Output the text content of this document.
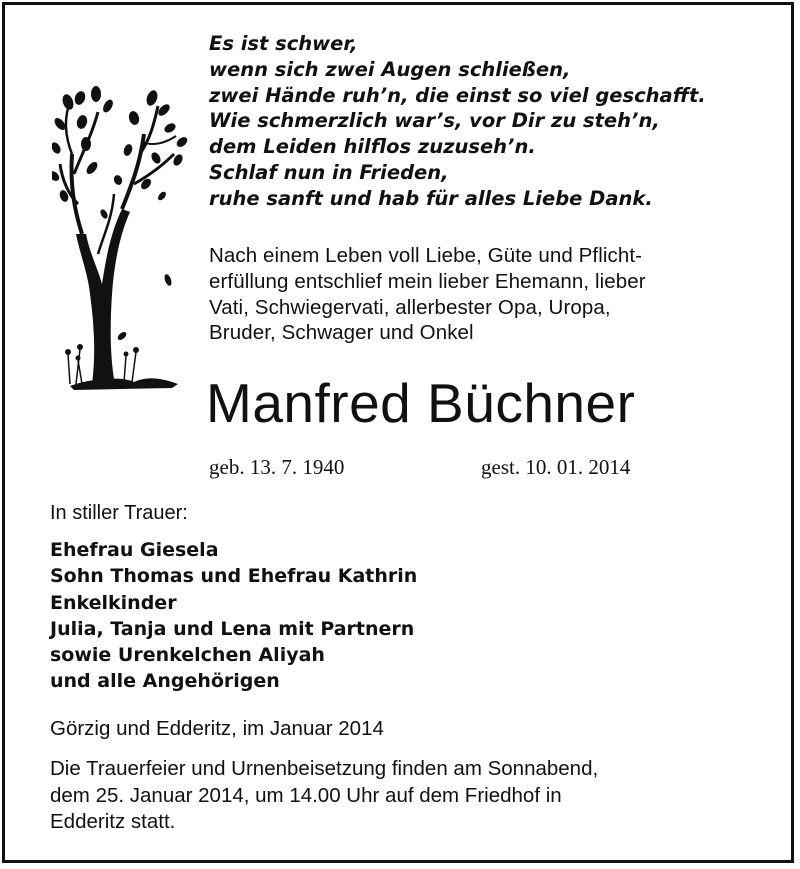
Es ist schwer,
wenn sich zwei Augen schließen,
zwei Hände ruh’n, die einst so viel geschafft.
Wie schmerzlich war’s, vor Dir zu steh’n,
dem Leiden hilflos zuzuseh’n.
Schlaf nun in Frieden,
ruhe sanft und hab für alles Liebe Dank.
Nach einem Leben voll Liebe, Güte und Pflicht-
erfüllung entschlief mein lieber Ehemann, lieber
Vati, Schwiegervati, allerbester Opa, Uropa,
Bruder, Schwager und Onkel
Manfred Büchner
geb. 13. 7. 1940	gest. 10. 01. 2014
In stiller Trauer:
Ehefrau Giesela
Sohn Thomas und Ehefrau Kathrin
Enkelkinder
Julia, Tanja und Lena mit Partnern
sowie Urenkelchen Aliyah
und alle Angehörigen
Görzig und Edderitz, im Januar 2014
Die Trauerfeier und Urnenbeisetzung finden am Sonnabend,
dem 25. Januar 2014, um 14.00 Uhr auf dem Friedhof in
Edderitz statt.
